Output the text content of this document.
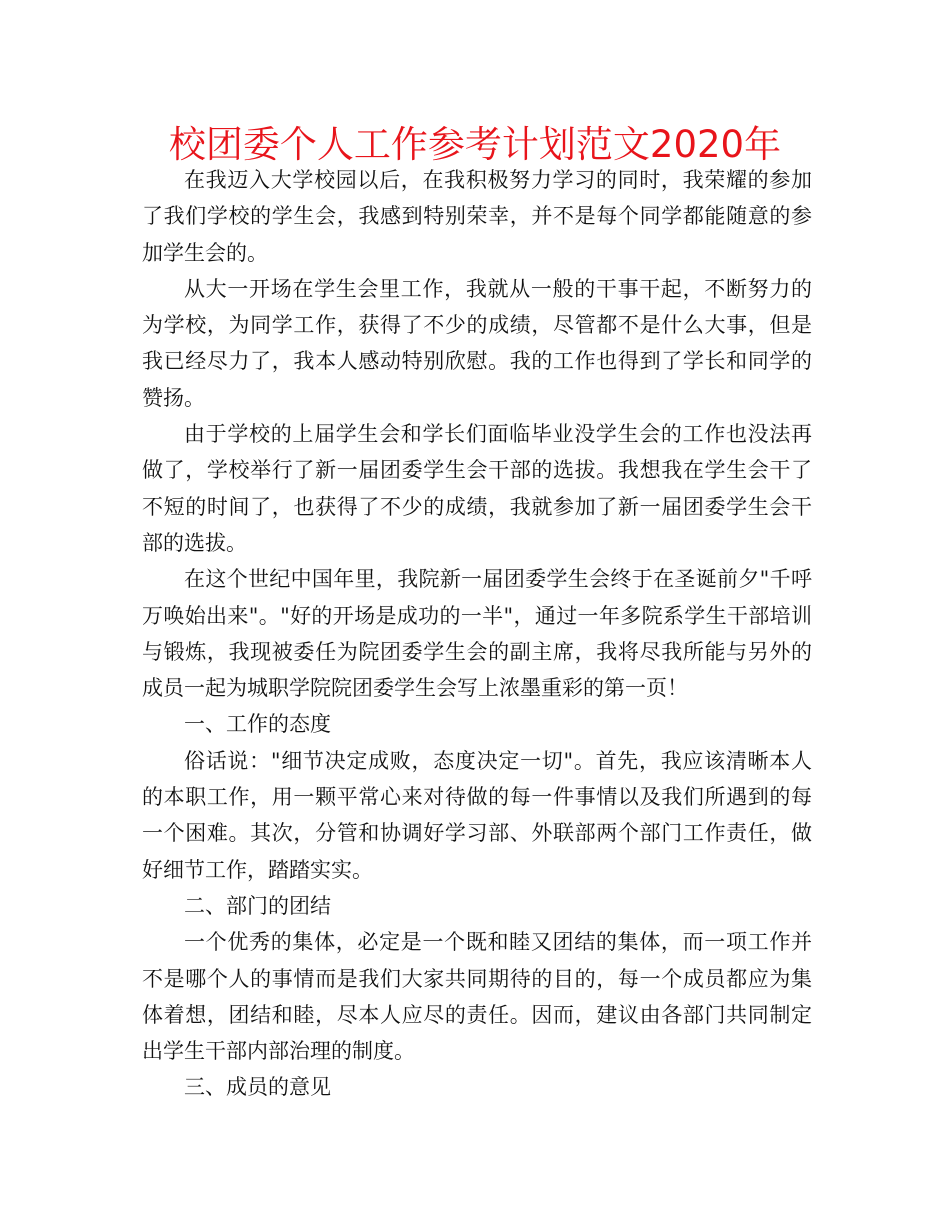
校团委个人工作参考计划范文2020年

在我迈入大学校园以后，在我积极努力学习的同时，我荣耀的参加了我们学校的学生会，我感到特别荣幸，并不是每个同学都能随意的参加学生会的。

从大一开场在学生会里工作，我就从一般的干事干起，不断努力的为学校，为同学工作，获得了不少的成绩，尽管都不是什么大事，但是我已经尽力了，我本人感动特别欣慰。我的工作也得到了学长和同学的赞扬。

由于学校的上届学生会和学长们面临毕业没学生会的工作也没法再做了，学校举行了新一届团委学生会干部的选拔。我想我在学生会干了不短的时间了，也获得了不少的成绩，我就参加了新一届团委学生会干部的选拔。

在这个世纪中国年里，我院新一届团委学生会终于在圣诞前夕"千呼万唤始出来"。"好的开场是成功的一半"，通过一年多院系学生干部培训与锻炼，我现被委任为院团委学生会的副主席，我将尽我所能与另外的成员一起为城职学院院团委学生会写上浓墨重彩的第一页！

一、工作的态度

俗话说："细节决定成败，态度决定一切"。首先，我应该清晰本人的本职工作，用一颗平常心来对待做的每一件事情以及我们所遇到的每一个困难。其次，分管和协调好学习部、外联部两个部门工作责任，做好细节工作，踏踏实实。

二、部门的团结

一个优秀的集体，必定是一个既和睦又团结的集体，而一项工作并不是哪个人的事情而是我们大家共同期待的目的，每一个成员都应为集体着想，团结和睦，尽本人应尽的责任。因而，建议由各部门共同制定出学生干部内部治理的制度。

三、成员的意见
